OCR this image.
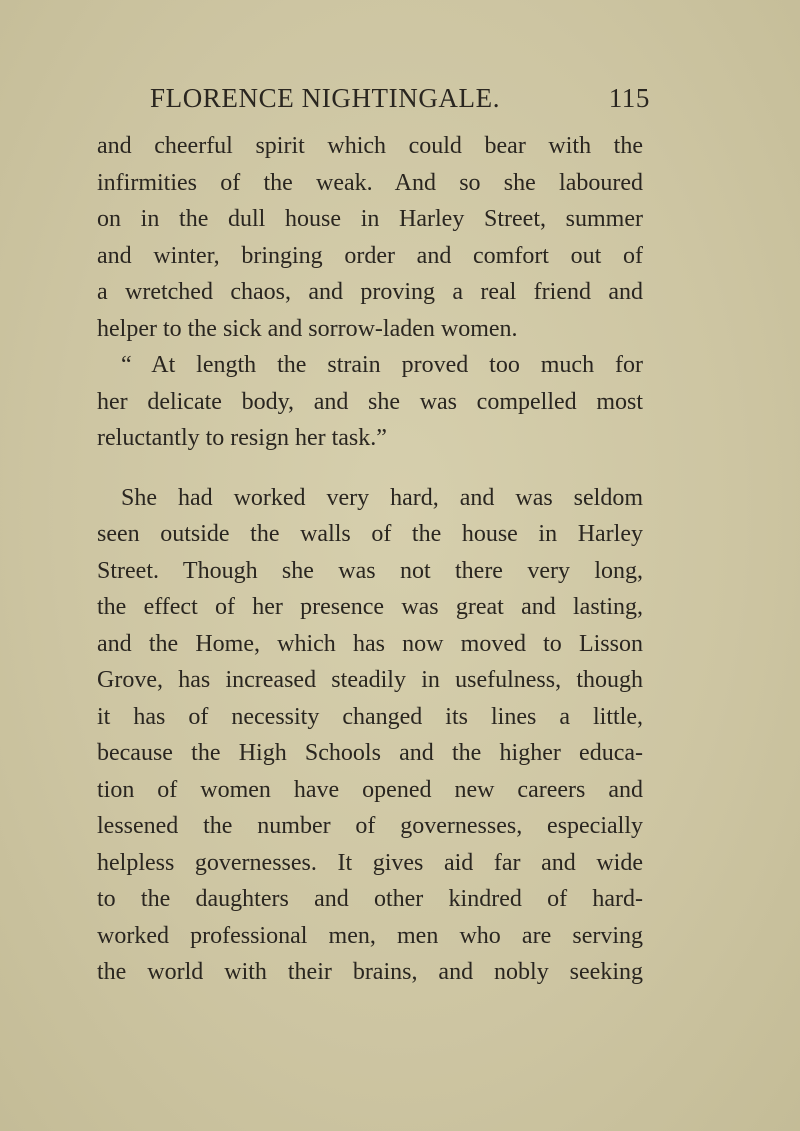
FLORENCE NIGHTINGALE.	115
and cheerful spirit which could bear with the
infirmities of the weak. And so she laboured
on in the dull house in Harley Street, summer
and winter, bringing order and comfort out of
a wretched chaos, and proving a real friend and
helper to the sick and sorrow-laden women.
“ At length the strain proved too much for
her delicate body, and she was compelled most
reluctantly to resign her task.”
She had worked very hard, and was seldom
seen outside the walls of the house in Harley
Street. Though she was not there very long,
the effect of her presence was great and lasting,
and the Home, which has now moved to Lisson
Grove, has increased steadily in usefulness, though
it has of necessity changed its lines a little,
because the High Schools and the higher educa-
tion of women have opened new careers and
lessened the number of governesses, especially
helpless governesses. It gives aid far and wide
to the daughters and other kindred of hard-
worked professional men, men who are serving
the world with their brains, and nobly seeking
